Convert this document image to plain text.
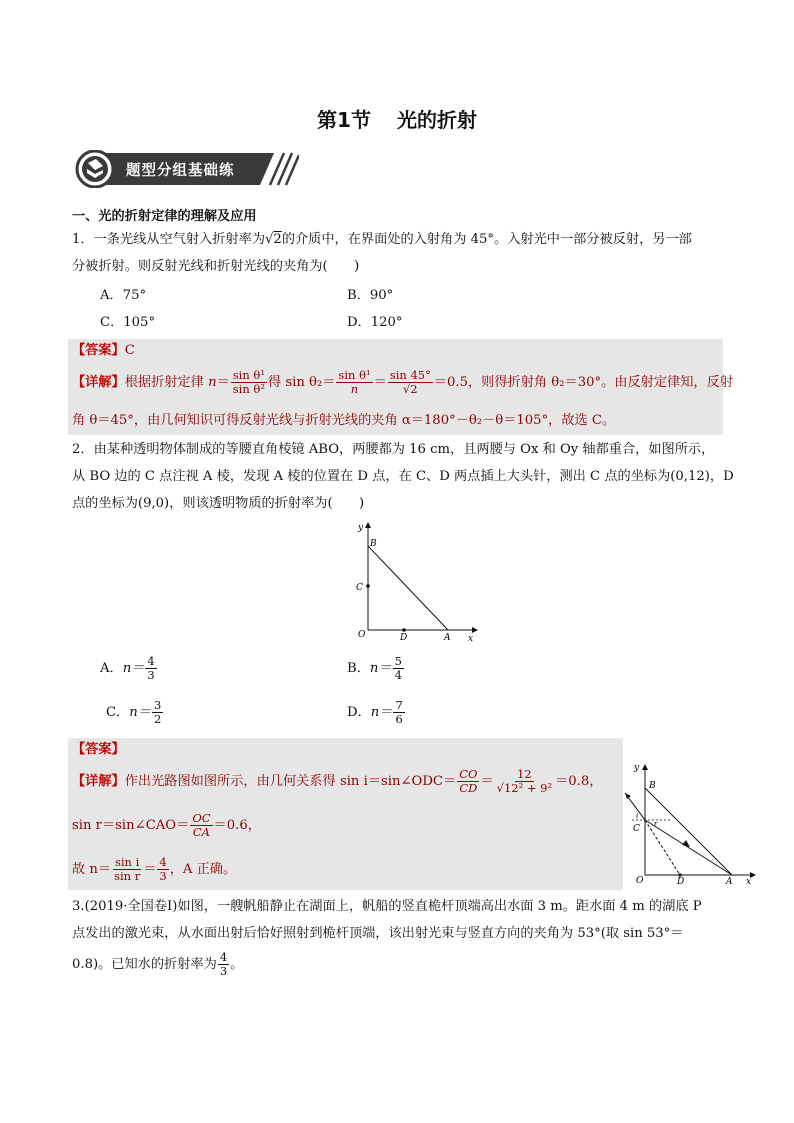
第1节 光的折射
题型分组基础练
一、光的折射定律的理解及应用
1．一条光线从空气射入折射率为√2的介质中，在界面处的入射角为 45°。入射光中一部分被反射，另一部
分被折射。则反射光线和折射光线的夹角为(　　)
A．75°	B．90°
C．105°	D．120°
【答案】C
【详解】根据折射定律 $n= \frac{\text{sin θ¹}}{\text{sin θ²}}$ 得 $\sin \theta_2= \frac{\text{sin θ¹}}{n} = \frac{\sin 45^\circ}{√2} =0.5$，则得折射角 θ₂＝30°。由反射定律知，反射
角 θ＝45°，由几何知识可得反射光线与折射光线的夹角 α＝180°－θ₂－θ＝105°，故选 C。
2．由某种透明物体制成的等腰直角棱镜 ABO，两腰都为 16 cm，且两腰与 Ox 和 Oy 轴都重合，如图所示，
从 BO 边的 C 点注视 A 棱，发现 A 棱的位置在 D 点，在 C、D 两点插上大头针，测出 C 点的坐标为(0,12)，D
点的坐标为(9,0)，则该透明物质的折射率为(　　)
y
x
O	A
B
C
D
A．$n= \frac{4}{3}$	B．$n= \frac{5}{4}$
C．$n= \frac{3}{2}$	D．$n= \frac{7}{6}$
【答案】
【详解】作出光路图如图所示，由几何关系得 sin i＝sin∠ODC＝ $\frac{CO}{CD} = \frac{12}{\text{√12² + 9²}} =0.8$，
sin r＝sin∠CAO＝ $\frac{OC}{CA} =0.6$，
故 $n= \frac{\text{sin i}}{\text{sin r}} = \frac{4}{3}$ ，A 正确。
y
x
O	A
B
C
D
i
r
3.(2019·全国卷Ⅰ)如图，一艘帆船静止在湖面上，帆船的竖直桅杆顶端高出水面 3 m。距水面 4 m 的湖底 P
点发出的激光束，从水面出射后恰好照射到桅杆顶端，该出射光束与竖直方向的夹角为 53°(取 sin 53°＝
0.8)。已知水的折射率为 $\frac{4}{3}$ 。
